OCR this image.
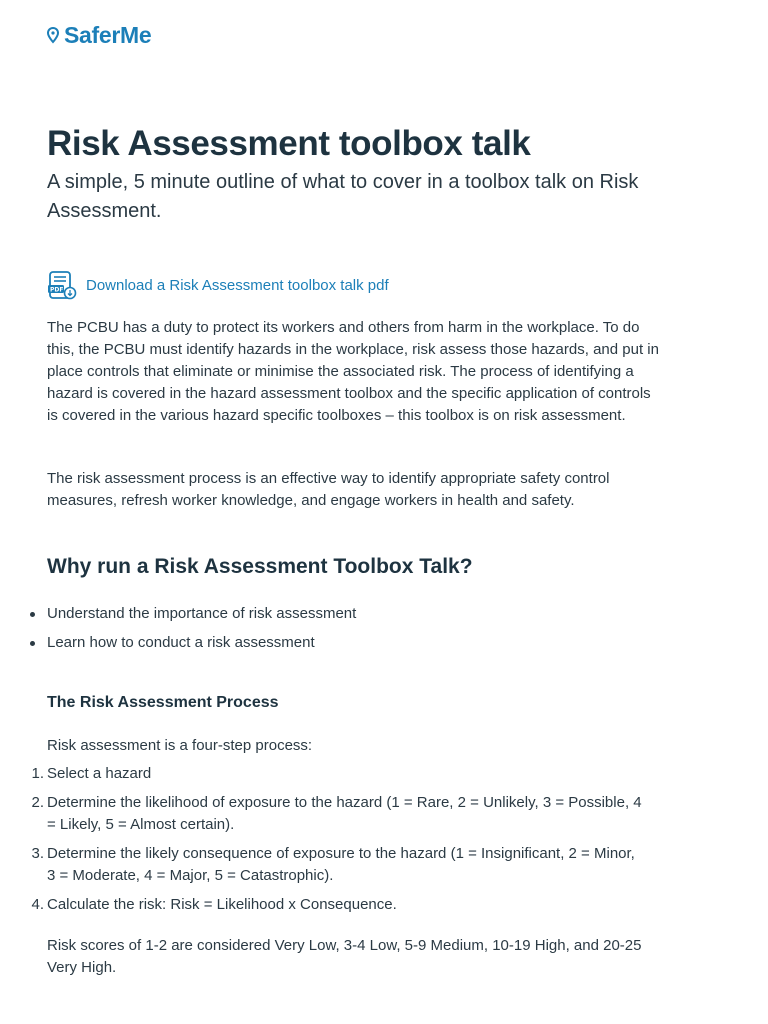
SaferMe
Risk Assessment toolbox talk

A simple, 5 minute outline of what to cover in a toolbox talk on Risk Assessment.

PDF Download a Risk Assessment toolbox talk pdf

The PCBU has a duty to protect its workers and others from harm in the workplace. To do this, the PCBU must identify hazards in the workplace, risk assess those hazards, and put in place controls that eliminate or minimise the associated risk. The process of identifying a hazard is covered in the hazard assessment toolbox and the specific application of controls is covered in the various hazard specific toolboxes – this toolbox is on risk assessment.

The risk assessment process is an effective way to identify appropriate safety control measures, refresh worker knowledge, and engage workers in health and safety.

Why run a Risk Assessment Toolbox Talk?
Understand the importance of risk assessment
Learn how to conduct a risk assessment
The Risk Assessment Process

Risk assessment is a four-step process:

1. Select a hazard
2. Determine the likelihood of exposure to the hazard (1 = Rare, 2 = Unlikely, 3 = Possible, 4 = Likely, 5 = Almost certain).
3. Determine the likely consequence of exposure to the hazard (1 = Insignificant, 2 = Minor, 3 = Moderate, 4 = Major, 5 = Catastrophic).
4. Calculate the risk: Risk = Likelihood x Consequence.

Risk scores of 1-2 are considered Very Low, 3-4 Low, 5-9 Medium, 10-19 High, and 20-25 Very High.
